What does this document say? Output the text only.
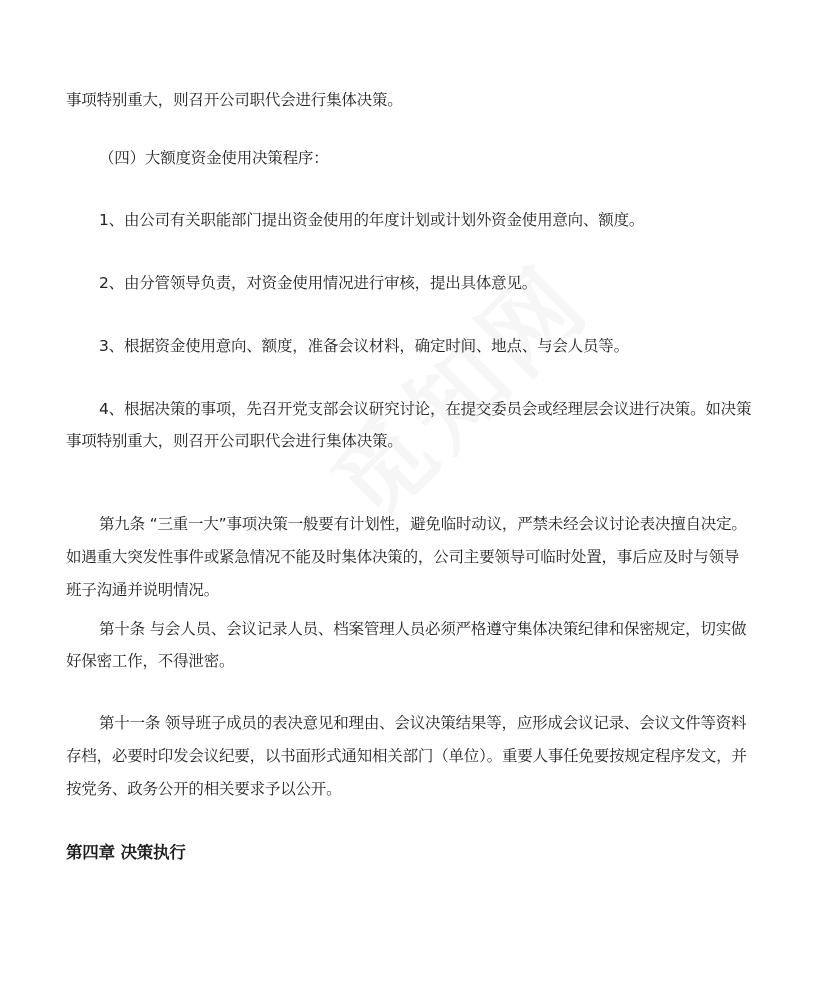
事项特别重大，则召开公司职代会进行集体决策。
（四）大额度资金使用决策程序：
1、由公司有关职能部门提出资金使用的年度计划或计划外资金使用意向、额度。
2、由分管领导负责，对资金使用情况进行审核，提出具体意见。
3、根据资金使用意向、额度，准备会议材料，确定时间、地点、与会人员等。
4、根据决策的事项，先召开党支部会议研究讨论，在提交委员会或经理层会议进行决策。如决策
事项特别重大，则召开公司职代会进行集体决策。
第九条 “三重一大”事项决策一般要有计划性，避免临时动议，严禁未经会议讨论表决擅自决定。
如遇重大突发性事件或紧急情况不能及时集体决策的，公司主要领导可临时处置，事后应及时与领导
班子沟通并说明情况。
第十条 与会人员、会议记录人员、档案管理人员必须严格遵守集体决策纪律和保密规定，切实做
好保密工作，不得泄密。
第十一条 领导班子成员的表决意见和理由、会议决策结果等，应形成会议记录、会议文件等资料
存档，必要时印发会议纪要，以书面形式通知相关部门（单位）。重要人事任免要按规定程序发文，并
按党务、政务公开的相关要求予以公开。
第四章 决策执行
